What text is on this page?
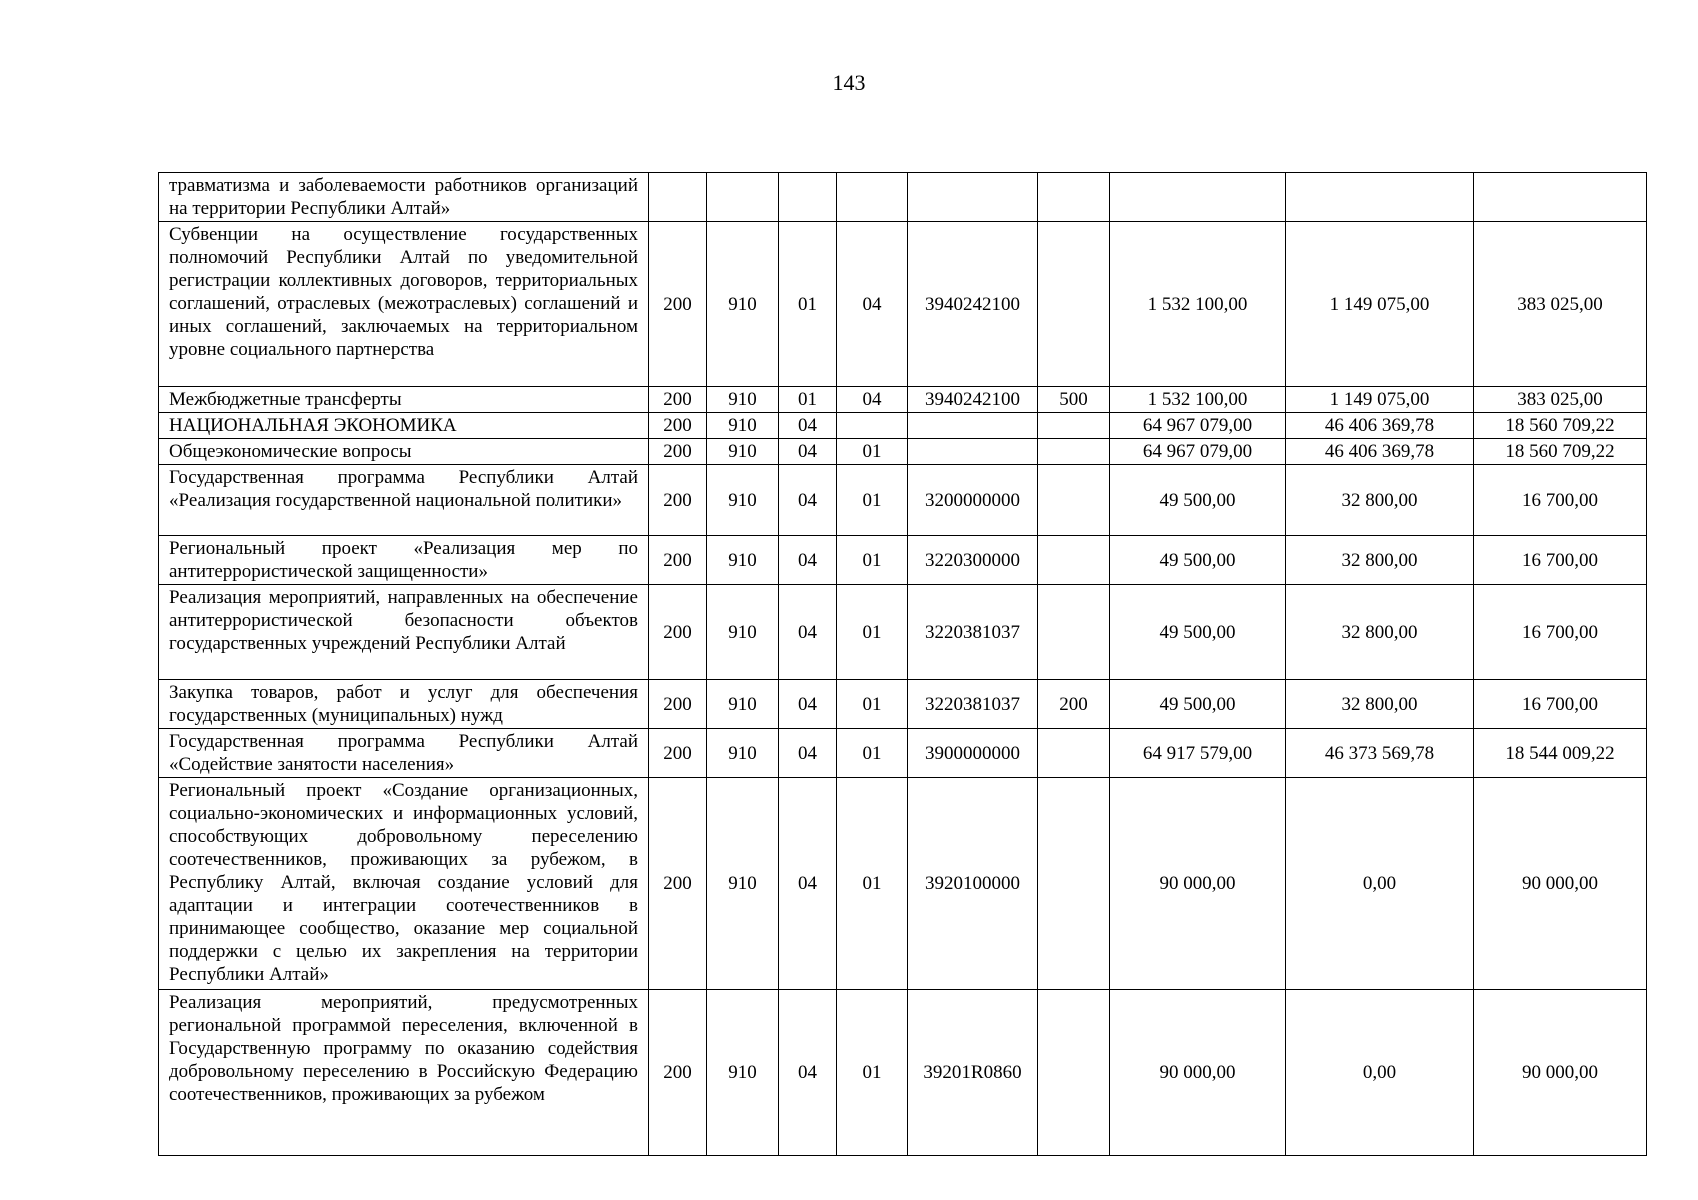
143
травматизма и заболеваемости работников организаций на территории Республики Алтай»									
Субвенции на осуществление государственных полномочий Республики Алтай по уведомительной регистрации коллективных договоров, территориальных соглашений, отраслевых (межотраслевых) соглашений и иных соглашений, заключаемых на территориальном уровне социального партнерства	200	910	01	04	3940242100		1 532 100,00	1 149 075,00	383 025,00
Межбюджетные трансферты	200	910	01	04	3940242100	500	1 532 100,00	1 149 075,00	383 025,00
НАЦИОНАЛЬНАЯ ЭКОНОМИКА	200	910	04				64 967 079,00	46 406 369,78	18 560 709,22
Общеэкономические вопросы	200	910	04	01			64 967 079,00	46 406 369,78	18 560 709,22
Государственная программа Республики Алтай «Реализация государственной национальной политики»	200	910	04	01	3200000000		49 500,00	32 800,00	16 700,00
Региональный проект «Реализация мер по антитеррористической защищенности»	200	910	04	01	3220300000		49 500,00	32 800,00	16 700,00
Реализация мероприятий, направленных на обеспечение антитеррористической безопасности объектов государственных учреждений Республики Алтай	200	910	04	01	3220381037		49 500,00	32 800,00	16 700,00
Закупка товаров, работ и услуг для обеспечения государственных (муниципальных) нужд	200	910	04	01	3220381037	200	49 500,00	32 800,00	16 700,00
Государственная программа Республики Алтай «Содействие занятости населения»	200	910	04	01	3900000000		64 917 579,00	46 373 569,78	18 544 009,22
Региональный проект «Создание организационных, социально-экономических и информационных условий, способствующих добровольному переселению соотечественников, проживающих за рубежом, в Республику Алтай, включая создание условий для адаптации и интеграции соотечественников в принимающее сообщество, оказание мер социальной поддержки с целью их закрепления на территории Республики Алтай»	200	910	04	01	3920100000		90 000,00	0,00	90 000,00
Реализация мероприятий, предусмотренных региональной программой переселения, включенной в Государственную программу по оказанию содействия добровольному переселению в Российскую Федерацию соотечественников, проживающих за рубежом	200	910	04	01	39201R0860		90 000,00	0,00	90 000,00
